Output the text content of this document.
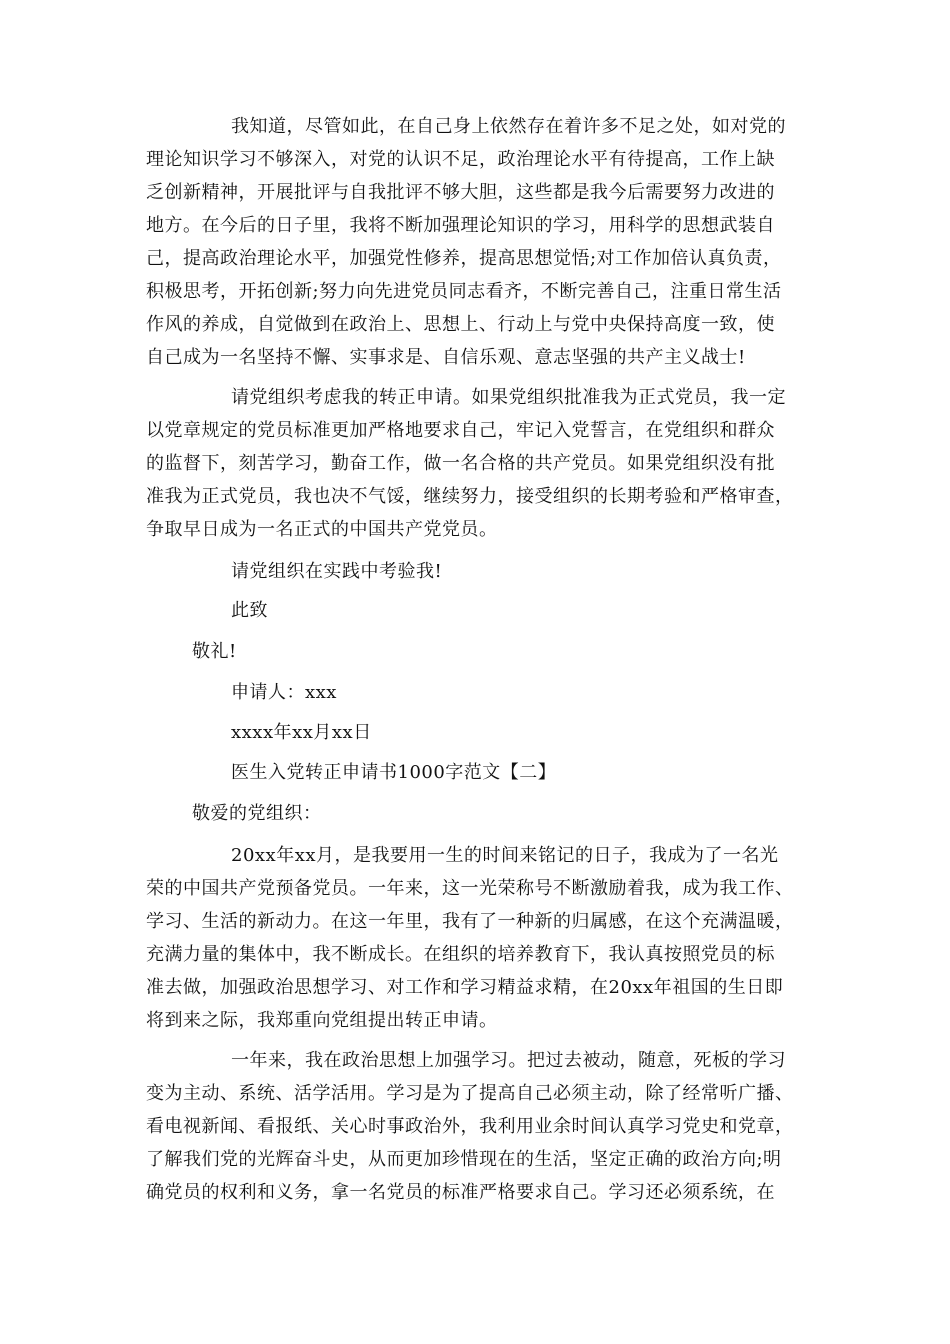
我知道，尽管如此，在自己身上依然存在着许多不足之处，如对党的
理论知识学习不够深入，对党的认识不足，政治理论水平有待提高，工作上缺
乏创新精神，开展批评与自我批评不够大胆，这些都是我今后需要努力改进的
地方。在今后的日子里，我将不断加强理论知识的学习，用科学的思想武装自
己，提高政治理论水平，加强党性修养，提高思想觉悟;对工作加倍认真负责，
积极思考，开拓创新;努力向先进党员同志看齐，不断完善自己，注重日常生活
作风的养成，自觉做到在政治上、思想上、行动上与党中央保持高度一致，使
自己成为一名坚持不懈、实事求是、自信乐观、意志坚强的共产主义战士!
请党组织考虑我的转正申请。如果党组织批准我为正式党员，我一定
以党章规定的党员标准更加严格地要求自己，牢记入党誓言，在党组织和群众
的监督下，刻苦学习，勤奋工作，做一名合格的共产党员。如果党组织没有批
准我为正式党员，我也决不气馁，继续努力，接受组织的长期考验和严格审查，
争取早日成为一名正式的中国共产党党员。
请党组织在实践中考验我!
此致
敬礼!
申请人：xxx
xxxx年xx月xx日
医生入党转正申请书1000字范文【二】
敬爱的党组织：
20xx年xx月，是我要用一生的时间来铭记的日子，我成为了一名光
荣的中国共产党预备党员。一年来，这一光荣称号不断激励着我，成为我工作、
学习、生活的新动力。在这一年里，我有了一种新的归属感，在这个充满温暖，
充满力量的集体中，我不断成长。在组织的培养教育下，我认真按照党员的标
准去做，加强政治思想学习、对工作和学习精益求精，在20xx年祖国的生日即
将到来之际，我郑重向党组提出转正申请。
一年来，我在政治思想上加强学习。把过去被动，随意，死板的学习
变为主动、系统、活学活用。学习是为了提高自己必须主动，除了经常听广播、
看电视新闻、看报纸、关心时事政治外，我利用业余时间认真学习党史和党章，
了解我们党的光辉奋斗史，从而更加珍惜现在的生活，坚定正确的政治方向;明
确党员的权利和义务，拿一名党员的标准严格要求自己。学习还必须系统，在
